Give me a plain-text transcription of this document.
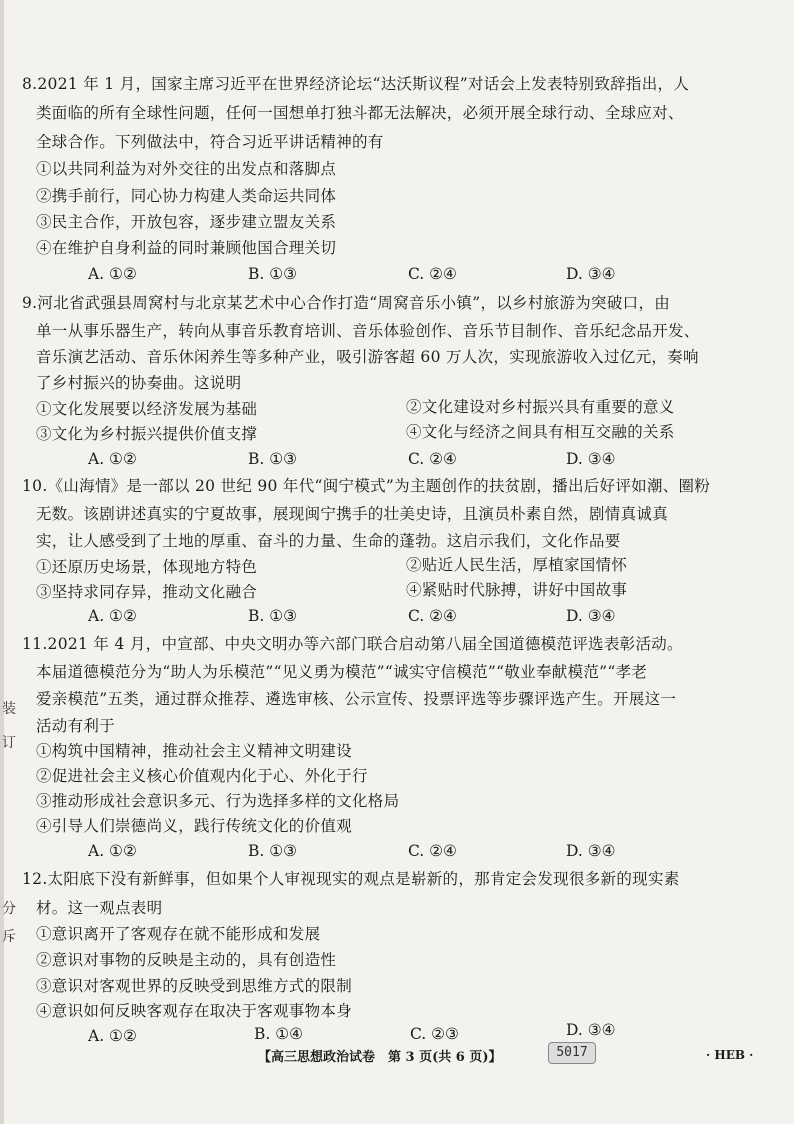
8.2021 年 1 月，国家主席习近平在世界经济论坛“达沃斯议程”对话会上发表特别致辞指出，人
类面临的所有全球性问题，任何一国想单打独斗都无法解决，必须开展全球行动、全球应对、
全球合作。下列做法中，符合习近平讲话精神的有
①以共同利益为对外交往的出发点和落脚点
②携手前行，同心协力构建人类命运共同体
③民主合作，开放包容，逐步建立盟友关系
④在维护自身利益的同时兼顾他国合理关切
A. ①②	B. ①③	C. ②④	D. ③④
9.河北省武强县周窝村与北京某艺术中心合作打造“周窝音乐小镇”，以乡村旅游为突破口，由
单一从事乐器生产，转向从事音乐教育培训、音乐体验创作、音乐节目制作、音乐纪念品开发、
音乐演艺活动、音乐休闲养生等多种产业，吸引游客超 60 万人次，实现旅游收入过亿元，奏响
了乡村振兴的协奏曲。这说明
①文化发展要以经济发展为基础	②文化建设对乡村振兴具有重要的意义
③文化为乡村振兴提供价值支撑	④文化与经济之间具有相互交融的关系
A. ①②	B. ①③	C. ②④	D. ③④
10.《山海情》是一部以 20 世纪 90 年代“闽宁模式”为主题创作的扶贫剧，播出后好评如潮、圈粉
无数。该剧讲述真实的宁夏故事，展现闽宁携手的壮美史诗，且演员朴素自然，剧情真诚真
实，让人感受到了土地的厚重、奋斗的力量、生命的蓬勃。这启示我们，文化作品要
①还原历史场景，体现地方特色	②贴近人民生活，厚植家国情怀
③坚持求同存异，推动文化融合	④紧贴时代脉搏，讲好中国故事
A. ①②	B. ①③	C. ②④	D. ③④
11.2021 年 4 月，中宣部、中央文明办等六部门联合启动第八届全国道德模范评选表彰活动。
本届道德模范分为“助人为乐模范”“见义勇为模范”“诚实守信模范”“敬业奉献模范”“孝老
爱亲模范”五类，通过群众推荐、遴选审核、公示宣传、投票评选等步骤评选产生。开展这一
活动有利于
①构筑中国精神，推动社会主义精神文明建设
②促进社会主义核心价值观内化于心、外化于行
③推动形成社会意识多元、行为选择多样的文化格局
④引导人们崇德尚义，践行传统文化的价值观
A. ①②	B. ①③	C. ②④	D. ③④
12.太阳底下没有新鲜事，但如果个人审视现实的观点是崭新的，那肯定会发现很多新的现实素
材。这一观点表明
①意识离开了客观存在就不能形成和发展
②意识对事物的反映是主动的，具有创造性
③意识对客观世界的反映受到思维方式的限制
④意识如何反映客观存在取决于客观事物本身
A. ①②	B. ①④	C. ②③	D. ③④
装
订
分
斥
【高三思想政治试卷　第 3 页(共 6 页)】	5017	· HEB ·
